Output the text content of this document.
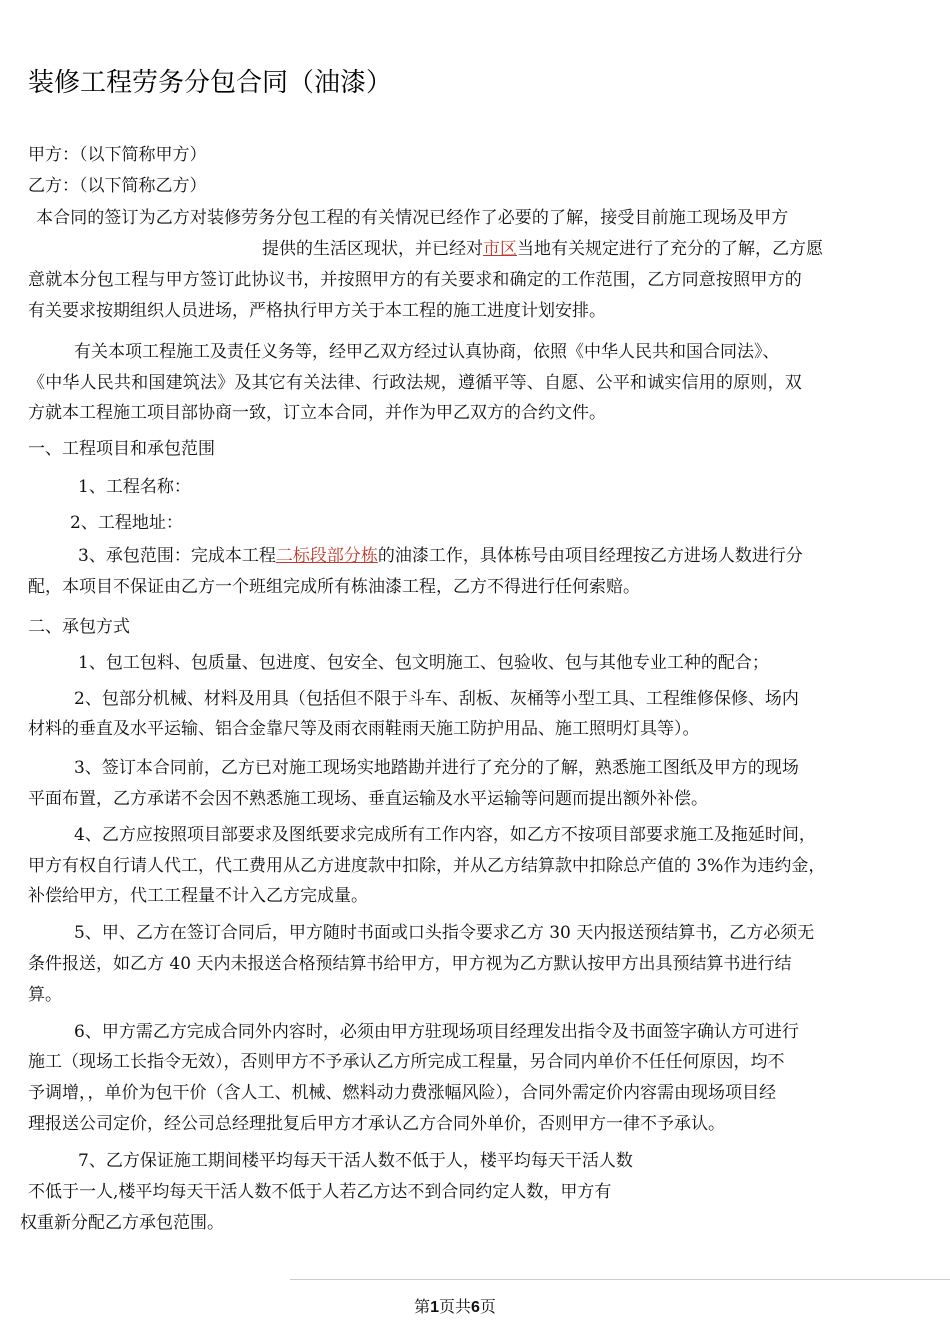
装修工程劳务分包合同（油漆）

甲方：（以下简称甲方）

乙方：（以下简称乙方）

本合同的签订为乙方对装修劳务分包工程的有关情况已经作了必要的了解，接受目前施工现场及甲方

提供的生活区现状，并已经对市区当地有关规定进行了充分的了解，乙方愿

意就本分包工程与甲方签订此协议书，并按照甲方的有关要求和确定的工作范围，乙方同意按照甲方的

有关要求按期组织人员进场，严格执行甲方关于本工程的施工进度计划安排。

有关本项工程施工及责任义务等，经甲乙双方经过认真协商，依照《中华人民共和国合同法》、

《中华人民共和国建筑法》及其它有关法律、行政法规，遵循平等、自愿、公平和诚实信用的原则，双

方就本工程施工项目部协商一致，订立本合同，并作为甲乙双方的合约文件。

一、工程项目和承包范围

1、工程名称：

2、工程地址：

3、承包范围：完成本工程二标段部分栋的油漆工作，具体栋号由项目经理按乙方进场人数进行分

配，本项目不保证由乙方一个班组完成所有栋油漆工程，乙方不得进行任何索赔。

二、承包方式

1、包工包料、包质量、包进度、包安全、包文明施工、包验收、包与其他专业工种的配合；

2、包部分机械、材料及用具（包括但不限于斗车、刮板、灰桶等小型工具、工程维修保修、场内

材料的垂直及水平运输、铝合金靠尺等及雨衣雨鞋雨天施工防护用品、施工照明灯具等）。

3、签订本合同前，乙方已对施工现场实地踏勘并进行了充分的了解，熟悉施工图纸及甲方的现场

平面布置，乙方承诺不会因不熟悉施工现场、垂直运输及水平运输等问题而提出额外补偿。

4、乙方应按照项目部要求及图纸要求完成所有工作内容，如乙方不按项目部要求施工及拖延时间，

甲方有权自行请人代工，代工费用从乙方进度款中扣除，并从乙方结算款中扣除总产值的 3%作为违约金，

补偿给甲方，代工工程量不计入乙方完成量。

5、甲、乙方在签订合同后，甲方随时书面或口头指令要求乙方 30 天内报送预结算书，乙方必须无

条件报送，如乙方 40 天内未报送合格预结算书给甲方，甲方视为乙方默认按甲方出具预结算书进行结

算。

6、甲方需乙方完成合同外内容时，必须由甲方驻现场项目经理发出指令及书面签字确认方可进行

施工（现场工长指令无效），否则甲方不予承认乙方所完成工程量，另合同内单价不任任何原因，均不

予调增，，单价为包干价（含人工、机械、燃料动力费涨幅风险），合同外需定价内容需由现场项目经

理报送公司定价，经公司总经理批复后甲方才承认乙方合同外单价，否则甲方一律不予承认。

7、乙方保证施工期间楼平均每天干活人数不低于人，楼平均每天干活人数

不低于一人,楼平均每天干活人数不低于人若乙方达不到合同约定人数，甲方有

权重新分配乙方承包范围。

第1页共6页
